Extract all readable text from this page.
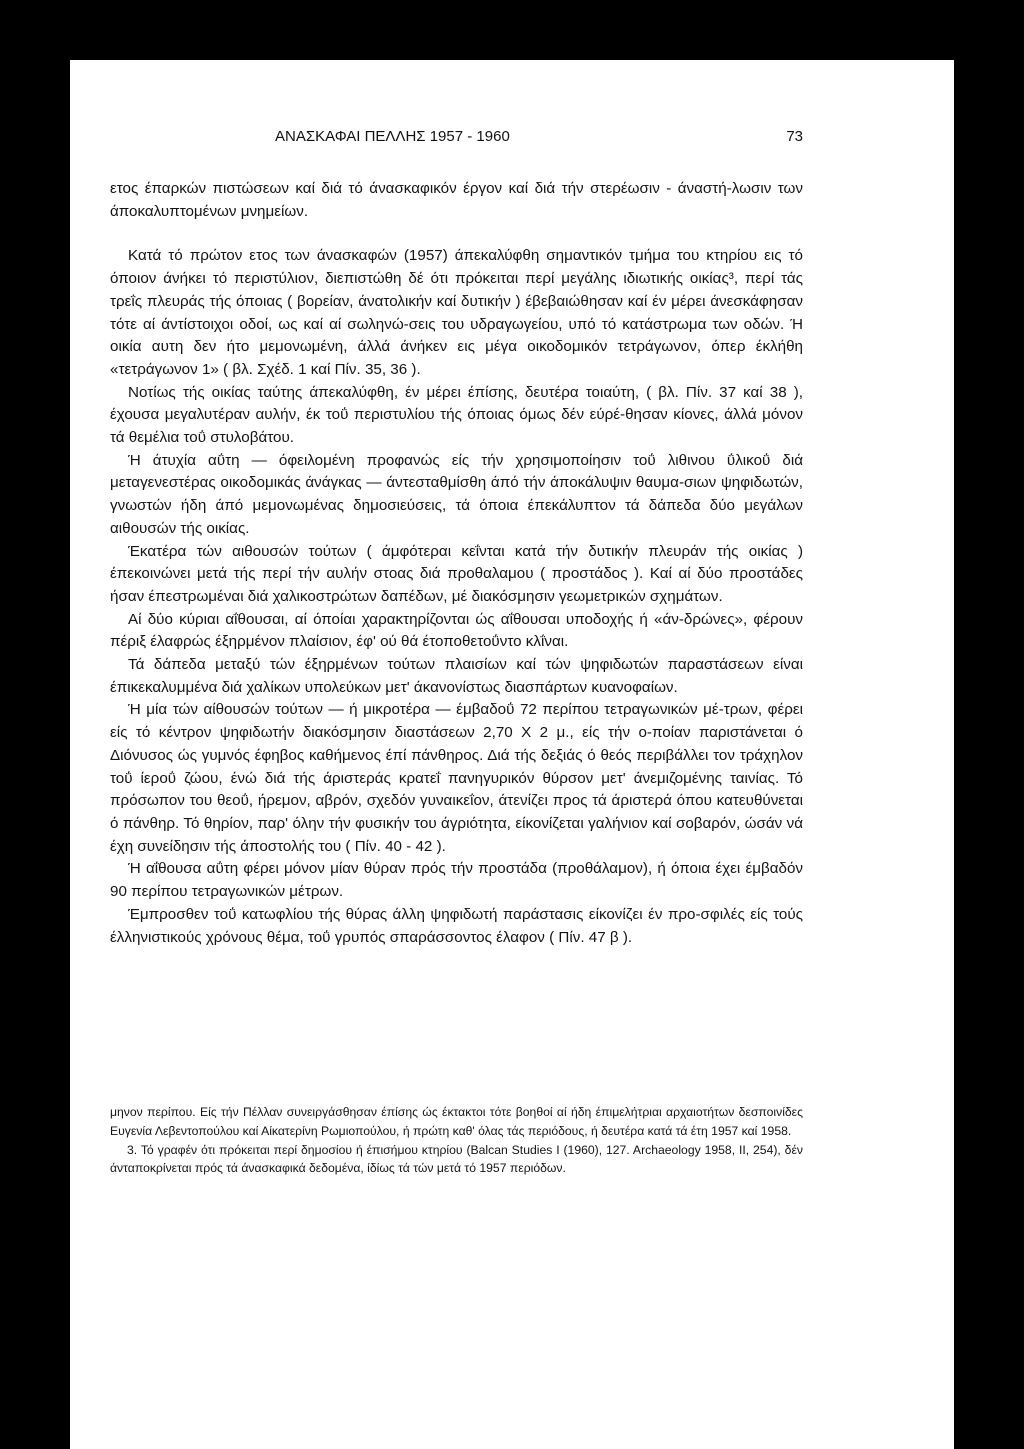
ΑΝΑΣΚΑΦΑΙ ΠΕΛΛΗΣ 1957 - 1960	73

ετος έπαρκών πιστώσεων καί διά τό άνασκαφικόν έργον καί διά τήν στερέωσιν - άναστή-λωσιν των άποκαλυπτομένων μνημείων.

Κατά τό πρώτον ετος των άνασκαφών (1957) άπεκαλύφθη σημαντικόν τμήμα του κτηρίου εις τό όποιον άνήκει τό περιστύλιον, διεπιστώθη δέ ότι πρόκειται περί μεγάλης ιδιωτικής οικίας³, περί τάς τρεΐς πλευράς τής όποιας ( βορείαν, άνατολικήν καί δυτικήν ) έβεβαιώθησαν καί έν μέρει άνεσκάφησαν τότε αί άντίστοιχοι οδοί, ως καί αί σωληνώ-σεις του υδραγωγείου, υπό τό κατάστρωμα των οδών. Ή οικία αυτη δεν ήτο μεμονωμένη, άλλά άνήκεν εις μέγα οικοδομικόν τετράγωνον, όπερ έκλήθη «τετράγωνον 1» ( βλ. Σχέδ. 1 καί Πίν. 35, 36 ).

Νοτίως τής οικίας ταύτης άπεκαλύφθη, έν μέρει έπίσης, δευτέρα τοιαύτη, ( βλ. Πίν. 37 καί 38 ), έχουσα μεγαλυτέραν αυλήν, έκ τοΰ περιστυλίου τής όποιας όμως δέν εύρέ-θησαν κίονες, άλλά μόνον τά θεμέλια τοΰ στυλοβάτου.

Ή άτυχία αΰτη — όφειλομένη προφανώς είς τήν χρησιμοποίησιν τοΰ λιθινου ΰλικοΰ διά μεταγενεστέρας οικοδομικάς άνάγκας — άντεσταθμίσθη άπό τήν άποκάλυψιν θαυμα-σιων ψηφιδωτών, γνωστών ήδη άπό μεμονωμένας δημοσιεύσεις, τά όποια έπεκάλυπτον τά δάπεδα δύο μεγάλων αιθουσών τής οικίας.

Έκατέρα τών αιθουσών τούτων ( άμφότεραι κεΐνται κατά τήν δυτικήν πλευράν τής οικίας ) έπεκοινώνει μετά τής περί τήν αυλήν στοας διά προθαλαμου ( προστάδος ). Καί αί δύο προστάδες ήσαν έπεστρωμέναι διά χαλικοστρώτων δαπέδων, μέ διακόσμησιν γεωμετρικών σχημάτων.

Αί δύο κύριαι αΐθουσαι, αί όποίαι χαρακτηρίζονται ώς αΐθουσαι υποδοχής ή «άν-δρώνες», φέρουν πέριξ έλαφρώς έξηρμένον πλαίσιον, έφ' ού θά έτοποθετοΰντο κλΐναι.

Τά δάπεδα μεταξύ τών έξηρμένων τούτων πλαισίων καί τών ψηφιδωτών παραστάσεων είναι έπικεκαλυμμένα διά χαλίκων υπολεύκων μετ' άκανονίστως διασπάρτων κυανοφαίων.

Ή μία τών αίθουσών τούτων — ή μικροτέρα — έμβαδοΰ 72 περίπου τετραγωνικών μέ-τρων, φέρει είς τό κέντρον ψηφιδωτήν διακόσμησιν διαστάσεων 2,70 Χ 2 μ., είς τήν ο-ποίαν παριστάνεται ό Διόνυσος ώς γυμνός έφηβος καθήμενος έπί πάνθηρος. Διά τής δεξιάς ό θεός περιβάλλει τον τράχηλον τοΰ ίεροΰ ζώου, ένώ διά τής άριστεράς κρατεΐ πανηγυρικόν θύρσον μετ' άνεμιζομένης ταινίας. Τό πρόσωπον του θεοΰ, ήρεμον, αβρόν, σχεδόν γυναικεΐον, άτενίζει προς τά άριστερά όπου κατευθύνεται ό πάνθηρ. Τό θηρίον, παρ' όλην τήν φυσικήν του άγριότητα, είκονίζεται γαλήνιον καί σοβαρόν, ώσάν νά έχη συνείδησιν τής άποστολής του ( Πίν. 40 - 42 ).

Ή αΐθουσα αΰτη φέρει μόνον μίαν θύραν πρός τήν προστάδα (προθάλαμον), ή όποια έχει έμβαδόν 90 περίπου τετραγωνικών μέτρων.

Έμπροσθεν τοΰ κατωφλίου τής θύρας άλλη ψηφιδωτή παράστασις είκονίζει έν προ-σφιλές είς τούς έλληνιστικούς χρόνους θέμα, τοΰ γρυπός σπαράσσοντος έλαφον ( Πίν. 47 β ).

μηνον περίπου. Είς τήν Πέλλαν συνειργάσθησαν έπίσης ώς έκτακτοι τότε βοηθοί αί ήδη έπιμελήτριαι αρχαιοτήτων δεσποινίδες Ευγενία Λεβεντοπούλου καί Αίκατερίνη Ρωμιοπούλου, ή πρώτη καθ' όλας τάς περιόδους, ή δευτέρα κατά τά έτη 1957 καί 1958.

3. Τό γραφέν ότι πρόκειται περί δημοσίου ή έπισήμου κτηρίου (Balcan Studies I (1960), 127. Archaeology 1958, II, 254), δέν άνταποκρίνεται πρός τά άνασκαφικά δεδομένα, ίδίως τά τών μετά τό 1957 περιόδων.
